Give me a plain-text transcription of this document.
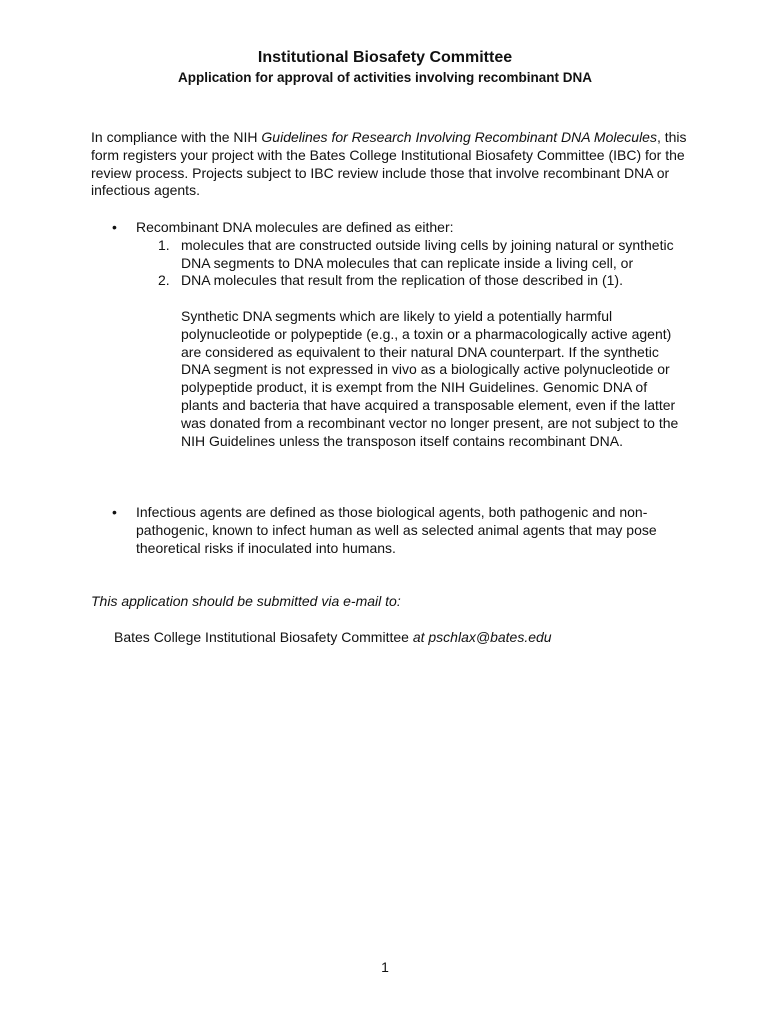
Institutional Biosafety Committee
Application for approval of activities involving recombinant DNA
In compliance with the NIH Guidelines for Research Involving Recombinant DNA Molecules, this form registers your project with the Bates College Institutional Biosafety Committee (IBC) for the review process. Projects subject to IBC review include those that involve recombinant DNA or infectious agents.
•	Recombinant DNA molecules are defined as either:
1. molecules that are constructed outside living cells by joining natural or synthetic DNA segments to DNA molecules that can replicate inside a living cell, or
2. DNA molecules that result from the replication of those described in (1).
Synthetic DNA segments which are likely to yield a potentially harmful polynucleotide or polypeptide (e.g., a toxin or a pharmacologically active agent) are considered as equivalent to their natural DNA counterpart. If the synthetic DNA segment is not expressed in vivo as a biologically active polynucleotide or polypeptide product, it is exempt from the NIH Guidelines. Genomic DNA of plants and bacteria that have acquired a transposable element, even if the latter was donated from a recombinant vector no longer present, are not subject to the NIH Guidelines unless the transposon itself contains recombinant DNA.
•	Infectious agents are defined as those biological agents, both pathogenic and non-pathogenic, known to infect human as well as selected animal agents that may pose theoretical risks if inoculated into humans.
This application should be submitted via e-mail to:
Bates College Institutional Biosafety Committee at pschlax@bates.edu
1
